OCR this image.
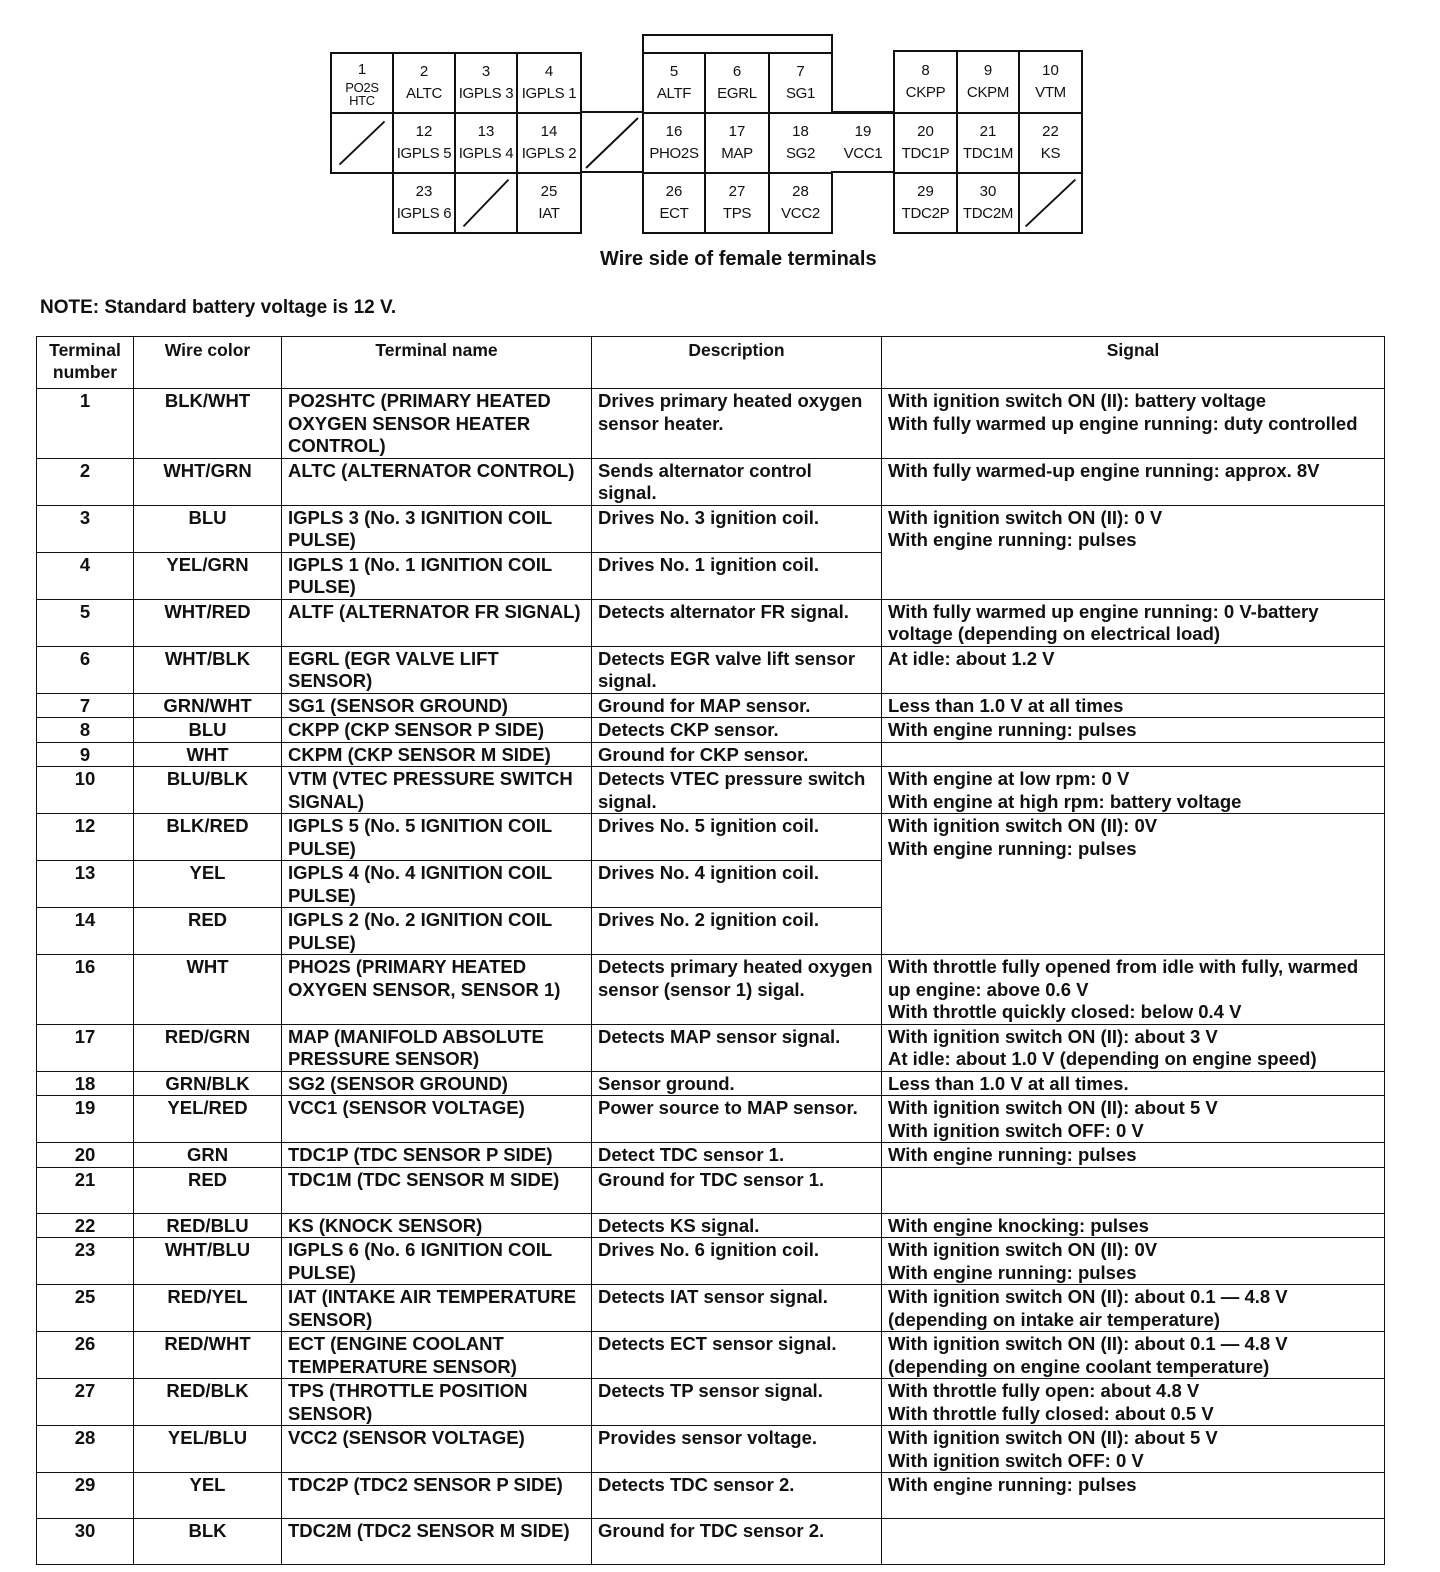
1
PO2S
HTC
2
ALTC
3
IGPLS 3
4
IGPLS 1
5
ALTF
6
EGRL
7
SG1
8
CKPP
9
CKPM
10
VTM
12
IGPLS 5
13
IGPLS 4
14
IGPLS 2
16
PHO2S
17
MAP
18
SG2
19
VCC1
20
TDC1P
21
TDC1M
22
KS
23
IGPLS 6
25
IAT
26
ECT
27
TPS
28
VCC2
29
TDC2P
30
TDC2M
Wire side of female terminals
NOTE: Standard battery voltage is 12 V.
Terminal number	Wire color	Terminal name	Description	Signal
1	BLK/WHT	PO2SHTC (PRIMARY HEATED OXYGEN SENSOR HEATER CONTROL)	Drives primary heated oxygen sensor heater.	With ignition switch ON (II): battery voltage
With fully warmed up engine running: duty controlled
2	WHT/GRN	ALTC (ALTERNATOR CONTROL)	Sends alternator control signal.	With fully warmed-up engine running: approx. 8V
3	BLU	IGPLS 3 (No. 3 IGNITION COIL PULSE)	Drives No. 3 ignition coil.	With ignition switch ON (II): 0 V
With engine running: pulses
4	YEL/GRN	IGPLS 1 (No. 1 IGNITION COIL PULSE)	Drives No. 1 ignition coil.	
5	WHT/RED	ALTF (ALTERNATOR FR SIGNAL)	Detects alternator FR signal.	With fully warmed up engine running: 0 V-battery voltage (depending on electrical load)
6	WHT/BLK	EGRL (EGR VALVE LIFT SENSOR)	Detects EGR valve lift sensor signal.	At idle: about 1.2 V
7	GRN/WHT	SG1 (SENSOR GROUND)	Ground for MAP sensor.	Less than 1.0 V at all times
8	BLU	CKPP (CKP SENSOR P SIDE)	Detects CKP sensor.	With engine running: pulses
9	WHT	CKPM (CKP SENSOR M SIDE)	Ground for CKP sensor.	
10	BLU/BLK	VTM (VTEC PRESSURE SWITCH SIGNAL)	Detects VTEC pressure switch signal.	With engine at low rpm: 0 V
With engine at high rpm: battery voltage
12	BLK/RED	IGPLS 5 (No. 5 IGNITION COIL PULSE)	Drives No. 5 ignition coil.	With ignition switch ON (II): 0V
With engine running: pulses
13	YEL	IGPLS 4 (No. 4 IGNITION COIL PULSE)	Drives No. 4 ignition coil.	
14	RED	IGPLS 2 (No. 2 IGNITION COIL PULSE)	Drives No. 2 ignition coil.	
16	WHT	PHO2S (PRIMARY HEATED OXYGEN SENSOR, SENSOR 1)	Detects primary heated oxygen sensor (sensor 1) sigal.	With throttle fully opened from idle with fully, warmed up engine: above 0.6 V
With throttle quickly closed: below 0.4 V
17	RED/GRN	MAP (MANIFOLD ABSOLUTE PRESSURE SENSOR)	Detects MAP sensor signal.	With ignition switch ON (II): about 3 V
At idle: about 1.0 V (depending on engine speed)
18	GRN/BLK	SG2 (SENSOR GROUND)	Sensor ground.	Less than 1.0 V at all times.
19	YEL/RED	VCC1 (SENSOR VOLTAGE)	Power source to MAP sensor.	With ignition switch ON (II): about 5 V
With ignition switch OFF: 0 V
20	GRN	TDC1P (TDC SENSOR P SIDE)	Detect TDC sensor 1.	With engine running: pulses
21	RED	TDC1M (TDC SENSOR M SIDE)	Ground for TDC sensor 1.	
22	RED/BLU	KS (KNOCK SENSOR)	Detects KS signal.	With engine knocking: pulses
23	WHT/BLU	IGPLS 6 (No. 6 IGNITION COIL PULSE)	Drives No. 6 ignition coil.	With ignition switch ON (II): 0V
With engine running: pulses
25	RED/YEL	IAT (INTAKE AIR TEMPERATURE SENSOR)	Detects IAT sensor signal.	With ignition switch ON (II): about 0.1 — 4.8 V (depending on intake air temperature)
26	RED/WHT	ECT (ENGINE COOLANT TEMPERATURE SENSOR)	Detects ECT sensor signal.	With ignition switch ON (II): about 0.1 — 4.8 V (depending on engine coolant temperature)
27	RED/BLK	TPS (THROTTLE POSITION SENSOR)	Detects TP sensor signal.	With throttle fully open: about 4.8 V
With throttle fully closed: about 0.5 V
28	YEL/BLU	VCC2 (SENSOR VOLTAGE)	Provides sensor voltage.	With ignition switch ON (II): about 5 V
With ignition switch OFF: 0 V
29	YEL	TDC2P (TDC2 SENSOR P SIDE)	Detects TDC sensor 2.	With engine running: pulses
30	BLK	TDC2M (TDC2 SENSOR M SIDE)	Ground for TDC sensor 2.	
